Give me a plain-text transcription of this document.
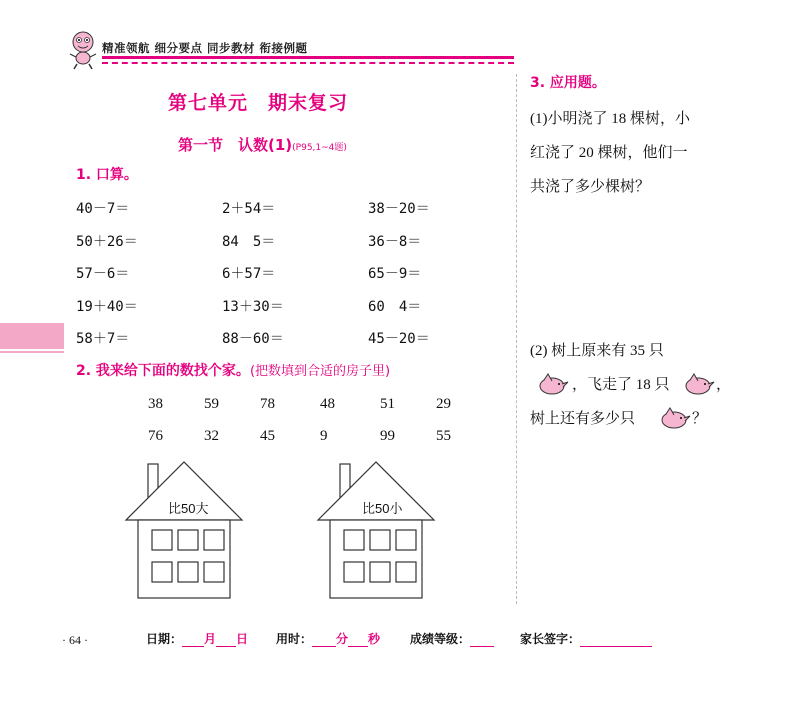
精准领航 细分要点 同步教材 衔接例题
第七单元　期末复习
第一节　认数(1)(P95,1~4题)
1. 口算。
40－7＝	2＋54＝	38－20＝
50＋26＝	84　5＝	36－8＝
57－6＝	6＋57＝	65－9＝
19＋40＝	13＋30＝	60　4＝
58＋7＝	88－60＝	45－20＝
2. 我来给下面的数找个家。(把数填到合适的房子里)
38	59	78	48	51	29
76	32	45	9	99	55
比50大	比50小
3. 应用题。
(1)小明浇了 18 棵树，小
红浇了 20 棵树，他们一
共浇了多少棵树？
(2) 树上原来有 35 只
，飞走了 18 只	，
树上还有多少只	？
· 64 ·	日期： 月 日 用时： 分 秒 成绩等级：	家长签字：
